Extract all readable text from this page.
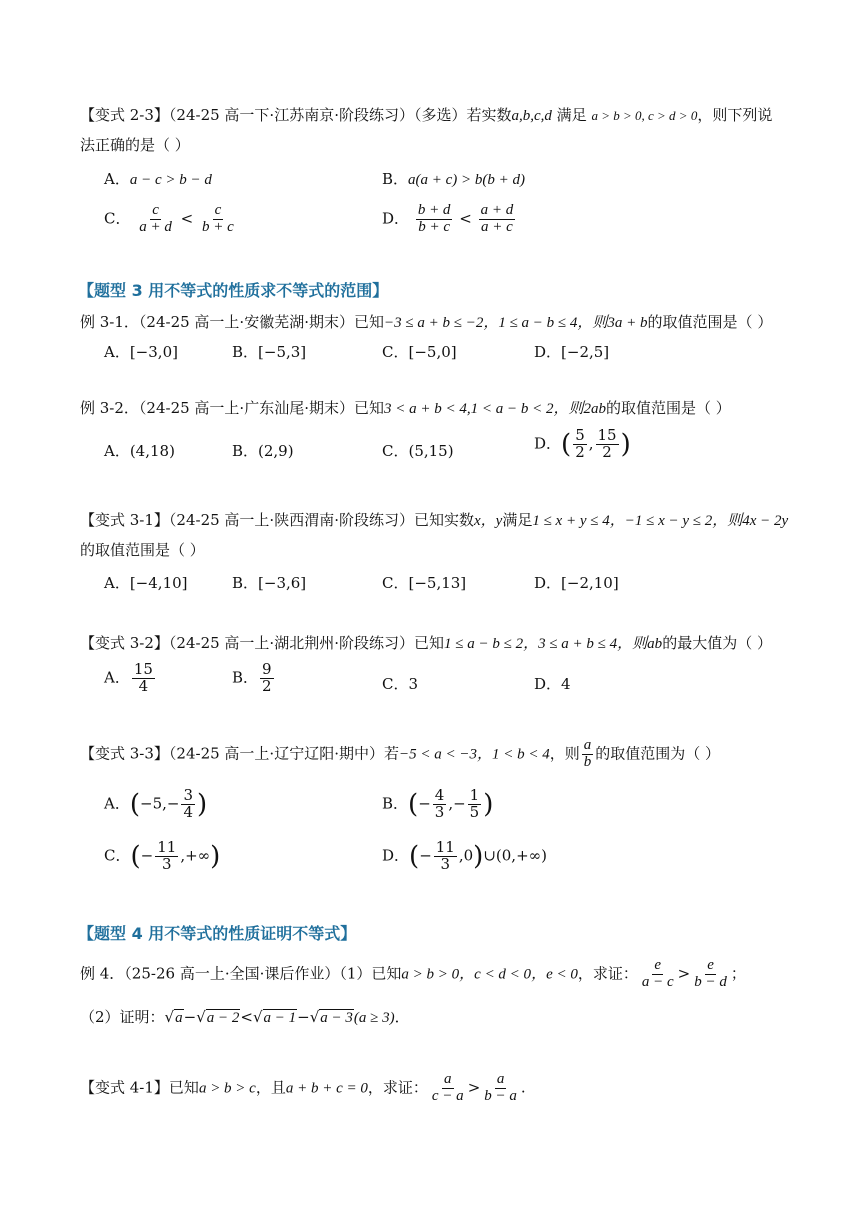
【变式 2-3】（24-25 高一下·江苏南京·阶段练习）（多选）若实数a,b,c,d 满足 a > b > 0, c > d > 0，则下列说
法正确的是（ ）
A．a − c > b − d	B．a(a + c) > b(b + d)
C． $\frac{c}{a + d} < \frac{c}{b + c}$	D． $\frac{b + d}{b + c} < \frac{a + d}{a + c}$
【题型 3 用不等式的性质求不等式的范围】
例 3-1．（24-25 高一上·安徽芜湖·期末）已知−3 ≤ a + b ≤ −2，1 ≤ a − b ≤ 4，则3a + b的取值范围是（ ）
A．[−3,0]	B．[−5,3]	C．[−5,0]	D．[−2,5]
例 3-2．（24-25 高一上·广东汕尾·期末）已知3 < a + b < 4,1 < a − b < 2，则2ab的取值范围是（ ）
A．(4,18)	B．(2,9)	C．(5,15)	D．( $\frac{5}{2}$ , $\frac{15}{2}$ )
【变式 3-1】（24-25 高一上·陕西渭南·阶段练习）已知实数x，y满足1 ≤ x + y ≤ 4，−1 ≤ x − y ≤ 2，则4x − 2y
的取值范围是（ ）
A．[−4,10]	B．[−3,6]	C．[−5,13]	D．[−2,10]
【变式 3-2】（24-25 高一上·湖北荆州·阶段练习）已知1 ≤ a − b ≤ 2，3 ≤ a + b ≤ 4，则ab的最大值为（ ）
A． $\frac{15}{4}$	B． $\frac{9}{2}$	C．3	D．4
【变式 3-3】（24-25 高一上·辽宁辽阳·期中）若−5 < a < −3，1 < b < 4，则 $\frac{a}{b}$ 的取值范围为（ ）
A．($-5,- \frac{3}{4}$ )	B．(− $\frac{4}{3}$ ,− $\frac{1}{5}$ )
C．(− $\frac{11}{3}$ ,+∞)	D．(− $\frac{11}{3}$ ,0)∪(0,+∞)
【题型 4 用不等式的性质证明不等式】
例 4．（25-26 高一上·全国·课后作业）（1）已知a > b > 0，c < d < 0，e < 0，求证： $\frac{e}{a - c} > \frac{e}{b - d}$ ；
（2）证明：√a−√a − 2<√a − 1−√a − 3(a ≥ 3)．
【变式 4-1】已知a > b > c，且a + b + c = 0，求证： $\frac{a}{c - a} > \frac{a}{b - a}$ .
